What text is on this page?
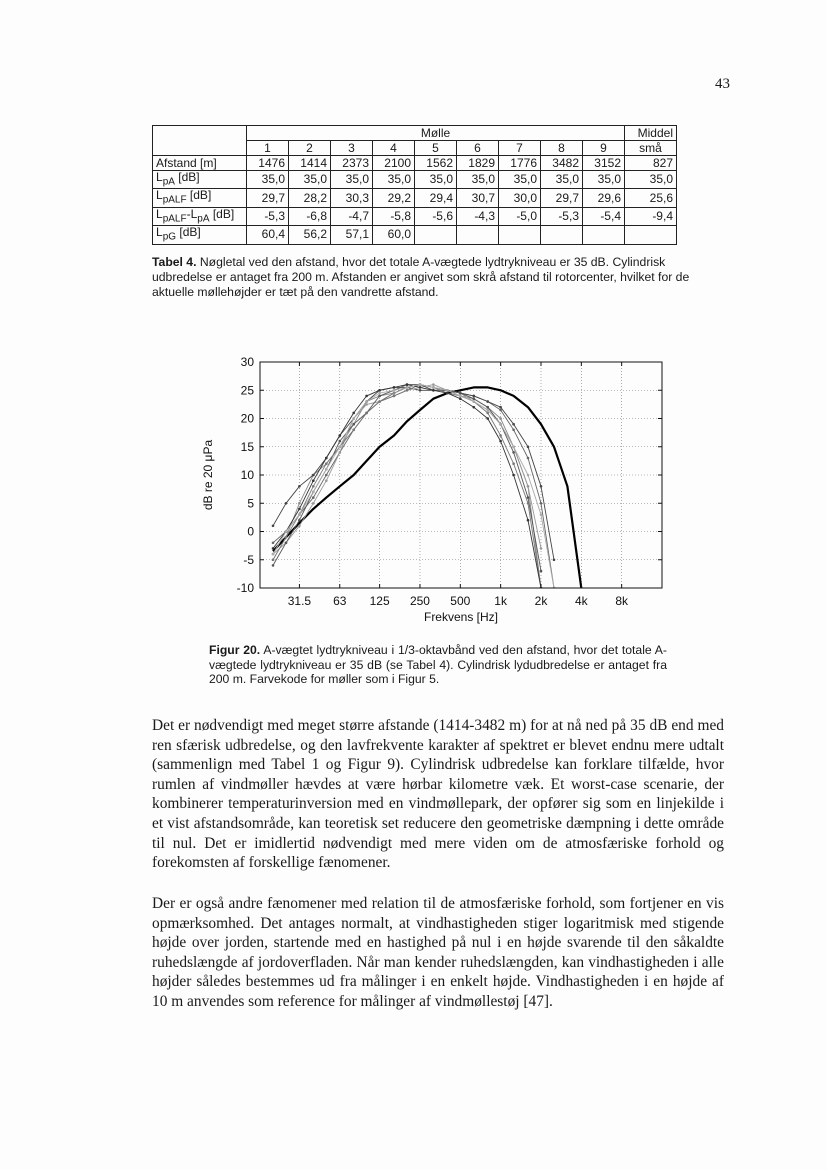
43
	Mølle									Middel
	1	2	3	4	5	6	7	8	9	små
Afstand [m]	1476	1414	2373	2100	1562	1829	1776	3482	3152	827
$L_{pA}$ [dB]	35,0	35,0	35,0	35,0	35,0	35,0	35,0	35,0	35,0	35,0
$L_{pALF}$ [dB]	29,7	28,2	30,3	29,2	29,4	30,7	30,0	29,7	29,6	25,6
$L_{pALF}-L_{pA}$ [dB]	-5,3	-6,8	-4,7	-5,8	-5,6	-4,3	-5,0	-5,3	-5,4	-9,4
$L_{pG}$ [dB]	60,4	56,2	57,1	60,0						
Tabel 4. Nøgletal ved den afstand, hvor det totale A-vægtede lydtrykniveau er 35 dB. Cylindrisk udbredelse er antaget fra 200 m. Afstanden er angivet som skrå afstand til rotorcenter, hvilket for de aktuelle møllehøjder er tæt på den vandrette afstand.
30
25
20
15
10
5
0
-5
-10
31.5 63 125 250 500 1k 2k 4k 8k
Frekvens [Hz]
dB re 20 μPa
Figur 20. A-vægtet lydtrykniveau i 1/3-oktavbånd ved den afstand, hvor det totale A-vægtede lydtrykniveau er 35 dB (se Tabel 4). Cylindrisk lydudbredelse er antaget fra 200 m. Farvekode for møller som i Figur 5.

Det er nødvendigt med meget større afstande (1414-3482 m) for at nå ned på 35 dB end med ren sfærisk udbredelse, og den lavfrekvente karakter af spektret er blevet endnu mere udtalt (sammenlign med Tabel 1 og Figur 9). Cylindrisk udbredelse kan forklare tilfælde, hvor rumlen af vindmøller hævdes at være hørbar kilometre væk. Et worst-case scenarie, der kombinerer temperaturinversion med en vindmøllepark, der opfører sig som en linjekilde i et vist afstandsområde, kan teoretisk set reducere den geometriske dæmpning i dette område til nul. Det er imidlertid nødvendigt med mere viden om de atmosfæriske forhold og forekomsten af forskellige fænomener.

Der er også andre fænomener med relation til de atmosfæriske forhold, som fortjener en vis opmærksomhed. Det antages normalt, at vindhastigheden stiger logaritmisk med stigende højde over jorden, startende med en hastighed på nul i en højde svarende til den såkaldte ruhedslængde af jordoverfladen. Når man kender ruhedslængden, kan vindhastigheden i alle højder således bestemmes ud fra målinger i en enkelt højde. Vindhastigheden i en højde af 10 m anvendes som reference for målinger af vindmøllestøj [47].
